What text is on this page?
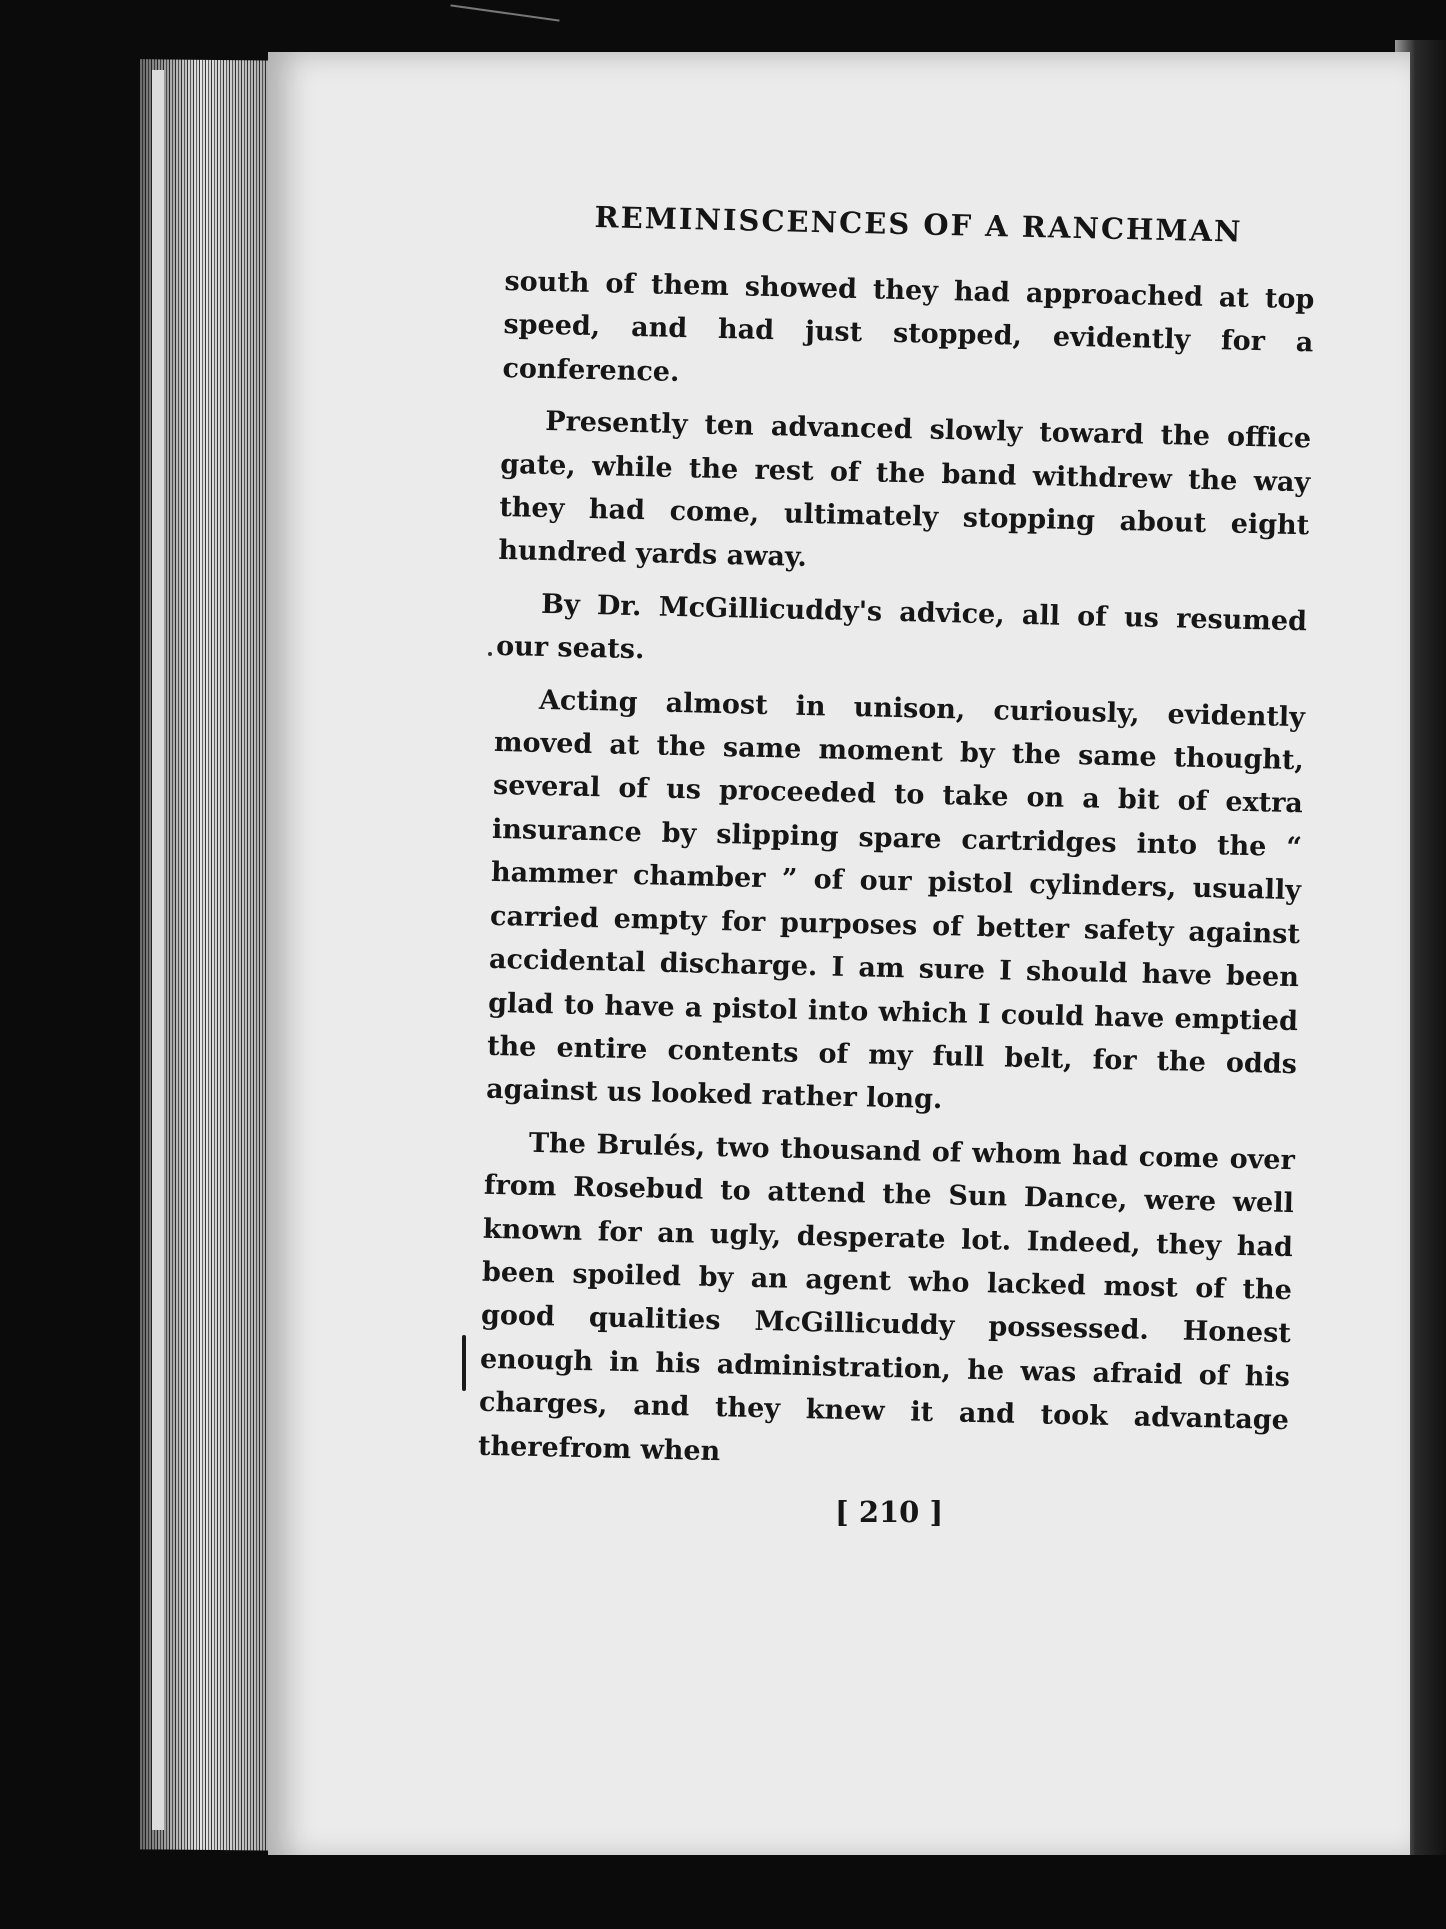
REMINISCENCES OF A RANCHMAN

south of them showed they had approached at top speed, and had just stopped, evidently for a conference.

Presently ten advanced slowly toward the office gate, while the rest of the band withdrew the way they had come, ultimately stopping about eight hundred yards away.

By Dr. McGillicuddy's advice, all of us resumed our seats.

Acting almost in unison, curiously, evidently moved at the same moment by the same thought, several of us proceeded to take on a bit of extra insurance by slipping spare cartridges into the “ hammer chamber ” of our pistol cylinders, usually carried empty for purposes of better safety against accidental discharge. I am sure I should have been glad to have a pistol into which I could have emptied the entire contents of my full belt, for the odds against us looked rather long.

The Brulés, two thousand of whom had come over from Rosebud to attend the Sun Dance, were well known for an ugly, desperate lot. Indeed, they had been spoiled by an agent who lacked most of the good qualities McGillicuddy possessed. Honest enough in his administration, he was afraid of his charges, and they knew it and took advantage therefrom when

[ 210 ]
